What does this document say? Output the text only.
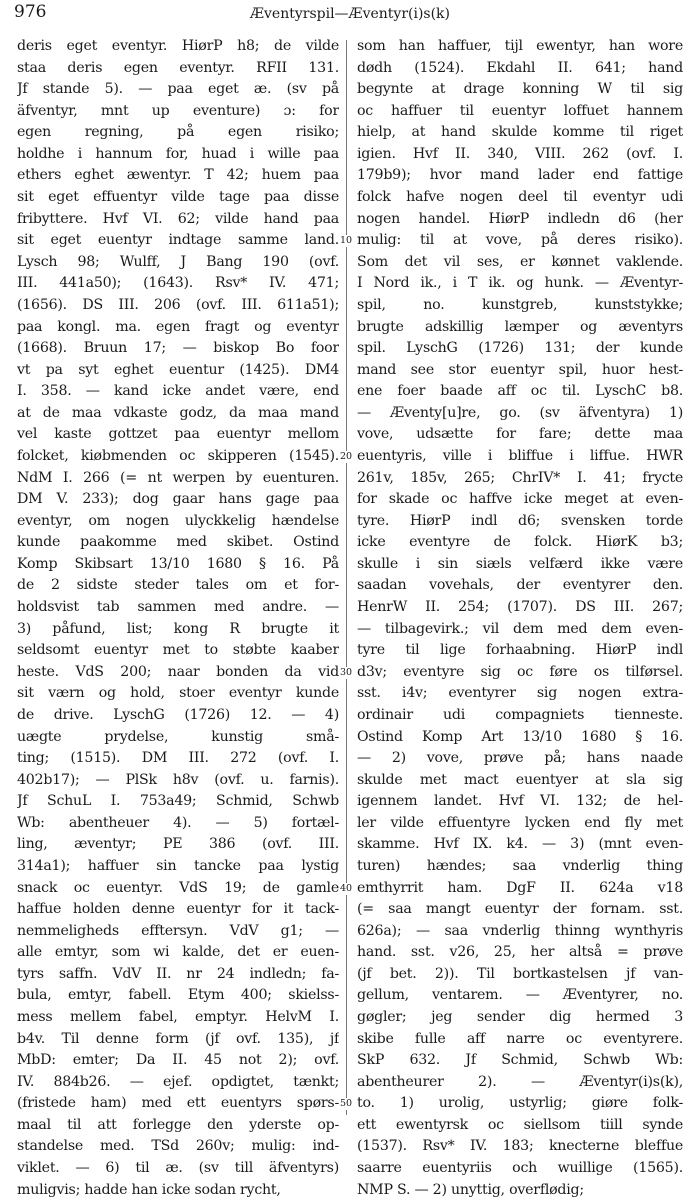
976	Æventyrspil—Æventyr(i)s(k)
deris eget eventyr. HiørP h8; de vilde
staa deris egen eventyr. RFII 131.
Jf stande 5). — paa eget æ. (sv på
äfventyr, mnt up eventure) ɔ: for
egen regning, på egen risiko;
holdhe i hannum for, huad i wille paa
ethers eghet æwentyr. T 42; huem paa
sit eget effuentyr vilde tage paa disse
fribyttere. Hvf VI. 62; vilde hand paa
sit eget euentyr indtage samme land.
Lysch 98; Wulff, J Bang 190 (ovf.
III. 441a50); (1643). Rsv* IV. 471;
(1656). DS III. 206 (ovf. III. 611a51);
paa kongl. ma. egen fragt og eventyr
(1668). Bruun 17; — biskop Bo foor
vt pa syt eghet euentur (1425). DM4
I. 358. — kand icke andet være, end
at de maa vdkaste godz, da maa mand
vel kaste gottzet paa euentyr mellom
folcket, kiøbmenden oc skipperen (1545).
NdM I. 266 (= nt werpen by euenturen.
DM V. 233); dog gaar hans gage paa
eventyr, om nogen ulyckkelig hændelse
kunde paakomme med skibet. Ostind
Komp Skibsart 13/10 1680 § 16. På
de 2 sidste steder tales om et for-
holdsvist tab sammen med andre. —
3) påfund, list; kong R brugte it
seldsomt euentyr met to støbte kaaber
heste. VdS 200; naar bonden da vid
sit værn og hold, stoer eventyr kunde
de drive. LyschG (1726) 12. — 4)
uægte prydelse, kunstig små-
ting; (1515). DM III. 272 (ovf. I.
402b17); — PlSk h8v (ovf. u. farnis).
Jf SchuL I. 753a49; Schmid, Schwb
Wb: abentheuer 4). — 5) fortæl-
ling, æventyr; PE 386 (ovf. III.
314a1); haffuer sin tancke paa lystig
snack oc euentyr. VdS 19; de gamle
haffue holden denne euentyr for it tack-
nemmeligheds efftersyn. VdV g1; —
alle emtyr, som wi kalde, det er euen-
tyrs saffn. VdV II. nr 24 indledn; fa-
bula, emtyr, fabell. Etym 400; skielss-
mess mellem fabel, emptyr. HelvM I.
b4v. Til denne form (jf ovf. 135), jf
MbD: emter; Da II. 45 not 2); ovf.
IV. 884b26. — ejef. opdigtet, tænkt;
(fristede ham) med ett euentyrs spørs-
maal til att forlegge den yderste op-
standelse med. TSd 260v; mulig: ind-
viklet. — 6) til æ. (sv till äfventyrs)
muligvis; hadde han icke sodan rycht,
som han haffuer, tijl ewentyr, han wore
dødh (1524). Ekdahl II. 641; hand
begynte at drage konning W til sig
oc haffuer til euentyr loffuet hannem
hielp, at hand skulde komme til riget
igien. Hvf II. 340, VIII. 262 (ovf. I.
179b9); hvor mand lader end fattige
folck hafve nogen deel til eventyr udi
nogen handel. HiørP indledn d6 (her
mulig: til at vove, på deres risiko).
Som det vil ses, er kønnet vaklende.
I Nord ik., i T ik. og hunk. — Æventyr-
spil, no. kunstgreb, kunststykke;
brugte adskillig læmper og æventyrs
spil. LyschG (1726) 131; der kunde
mand see stor euentyr spil, huor hest-
ene foer baade aff oc til. LyschC b8.
— Æventy[u]re, go. (sv äfventyra) 1)
vove, udsætte for fare; dette maa
euentyris, ville i bliffue i liffue. HWR
261v, 185v, 265; ChrIV* I. 41; frycte
for skade oc haffve icke meget at even-
tyre. HiørP indl d6; svensken torde
icke eventyre de folck. HiørK b3;
skulle i sin siæls velfærd ikke være
saadan vovehals, der eventyrer den.
HenrW II. 254; (1707). DS III. 267;
— tilbagevirk.; vil dem med dem even-
tyre til lige forhaabning. HiørP indl
d3v; eventyre sig oc føre os tilførsel.
sst. i4v; eventyrer sig nogen extra-
ordinair udi compagniets tienneste.
Ostind Komp Art 13/10 1680 § 16.
— 2) vove, prøve på; hans naade
skulde met mact euentyer at sla sig
igennem landet. Hvf VI. 132; de hel-
ler vilde effuentyre lycken end fly met
skamme. Hvf IX. k4. — 3) (mnt even-
turen) hændes; saa vnderlig thing
emthyrrit ham. DgF II. 624a v18
(= saa mangt euentyr der fornam. sst.
626a); — saa vnderlig thinng wynthyris
hand. sst. v26, 25, her altså = prøve
(jf bet. 2)). Til bortkastelsen jf van-
gellum, ventarem. — Æventyrer, no.
gøgler; jeg sender dig hermed 3
skibe fulle aff narre oc eventyrere.
SkP 632. Jf Schmid, Schwb Wb:
abentheurer 2). — Æventyr(i)s(k),
to. 1) urolig, ustyrlig; giøre folk-
ett ewentyrsk oc siellsom tiill synde
(1537). Rsv* IV. 183; knecterne bleffue
saarre euentyriis och wuillige (1565).
NMP S. — 2) unyttig, overflødig;
10
20
30
40
50
